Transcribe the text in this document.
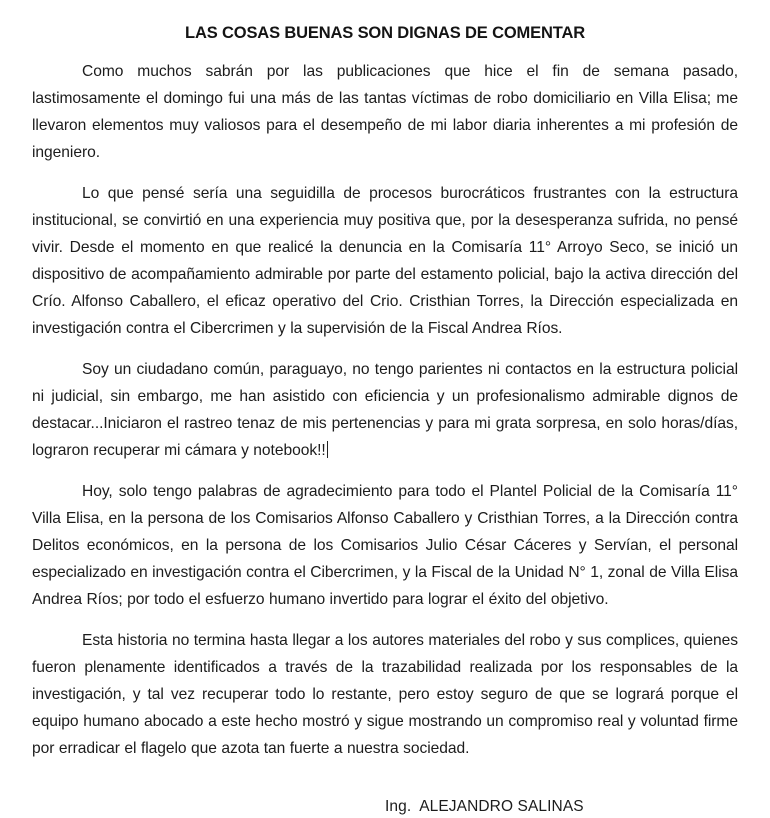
LAS COSAS BUENAS SON DIGNAS DE COMENTAR

Como muchos sabrán por las publicaciones que hice el fin de semana pasado, lastimosamente el domingo fui una más de las tantas víctimas de robo domiciliario en Villa Elisa; me llevaron elementos muy valiosos para el desempeño de mi labor diaria inherentes a mi profesión de ingeniero.

Lo que pensé sería una seguidilla de procesos burocráticos frustrantes con la estructura institucional, se convirtió en una experiencia muy positiva que, por la desesperanza sufrida, no pensé vivir. Desde el momento en que realicé la denuncia en la Comisaría 11° Arroyo Seco, se inició un dispositivo de acompañamiento admirable por parte del estamento policial, bajo la activa dirección del Crío. Alfonso Caballero, el eficaz operativo del Crio. Cristhian Torres, la Dirección especializada en investigación contra el Cibercrimen y la supervisión de la Fiscal Andrea Ríos.

Soy un ciudadano común, paraguayo, no tengo parientes ni contactos en la estructura policial ni judicial, sin embargo, me han asistido con eficiencia y un profesionalismo admirable dignos de destacar...Iniciaron el rastreo tenaz de mis pertenencias y para mi grata sorpresa, en solo horas/días, lograron recuperar mi cámara y notebook!!

Hoy, solo tengo palabras de agradecimiento para todo el Plantel Policial de la Comisaría 11° Villa Elisa, en la persona de los Comisarios Alfonso Caballero y Cristhian Torres, a la Dirección contra Delitos económicos, en la persona de los Comisarios Julio César Cáceres y Servían, el personal especializado en investigación contra el Cibercrimen, y la Fiscal de la Unidad N° 1, zonal de Villa Elisa Andrea Ríos; por todo el esfuerzo humano invertido para lograr el éxito del objetivo.

Esta historia no termina hasta llegar a los autores materiales del robo y sus complices, quienes fueron plenamente identificados a través de la trazabilidad realizada por los responsables de la investigación, y tal vez recuperar todo lo restante, pero estoy seguro de que se logrará porque el equipo humano abocado a este hecho mostró y sigue mostrando un compromiso real y voluntad firme por erradicar el flagelo que azota tan fuerte a nuestra sociedad.

Ing.  ALEJANDRO SALINAS
